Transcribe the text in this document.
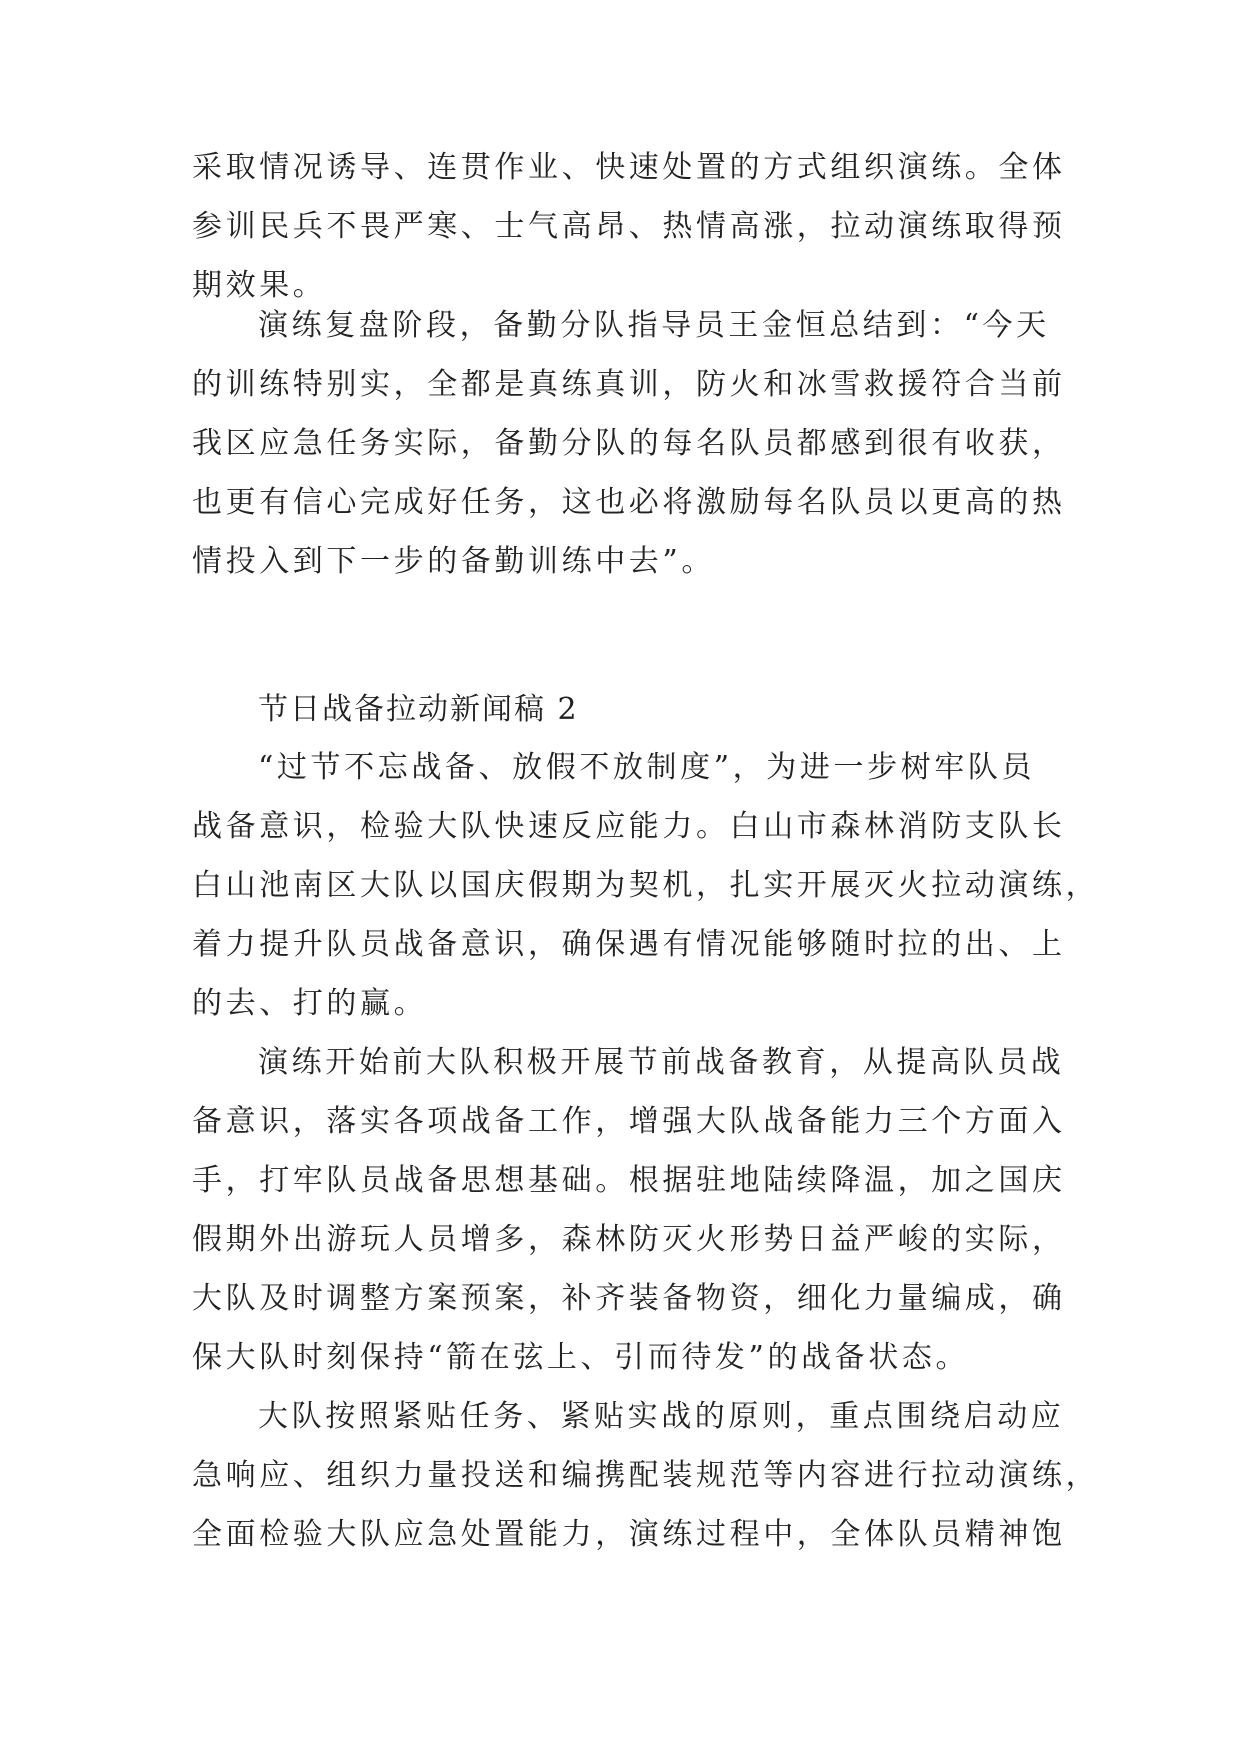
采取情况诱导、连贯作业、快速处置的方式组织演练。全体
参训民兵不畏严寒、士气高昂、热情高涨，拉动演练取得预
期效果。
演练复盘阶段，备勤分队指导员王金恒总结到：“今天
的训练特别实，全都是真练真训，防火和冰雪救援符合当前
我区应急任务实际，备勤分队的每名队员都感到很有收获，
也更有信心完成好任务，这也必将激励每名队员以更高的热
情投入到下一步的备勤训练中去”。
节日战备拉动新闻稿 2
“过节不忘战备、放假不放制度”，为进一步树牢队员
战备意识，检验大队快速反应能力。白山市森林消防支队长
白山池南区大队以国庆假期为契机，扎实开展灭火拉动演练，
着力提升队员战备意识，确保遇有情况能够随时拉的出、上
的去、打的赢。
演练开始前大队积极开展节前战备教育，从提高队员战
备意识，落实各项战备工作，增强大队战备能力三个方面入
手，打牢队员战备思想基础。根据驻地陆续降温，加之国庆
假期外出游玩人员增多，森林防灭火形势日益严峻的实际，
大队及时调整方案预案，补齐装备物资，细化力量编成，确
保大队时刻保持“箭在弦上、引而待发”的战备状态。
大队按照紧贴任务、紧贴实战的原则，重点围绕启动应
急响应、组织力量投送和编携配装规范等内容进行拉动演练，
全面检验大队应急处置能力，演练过程中，全体队员精神饱
